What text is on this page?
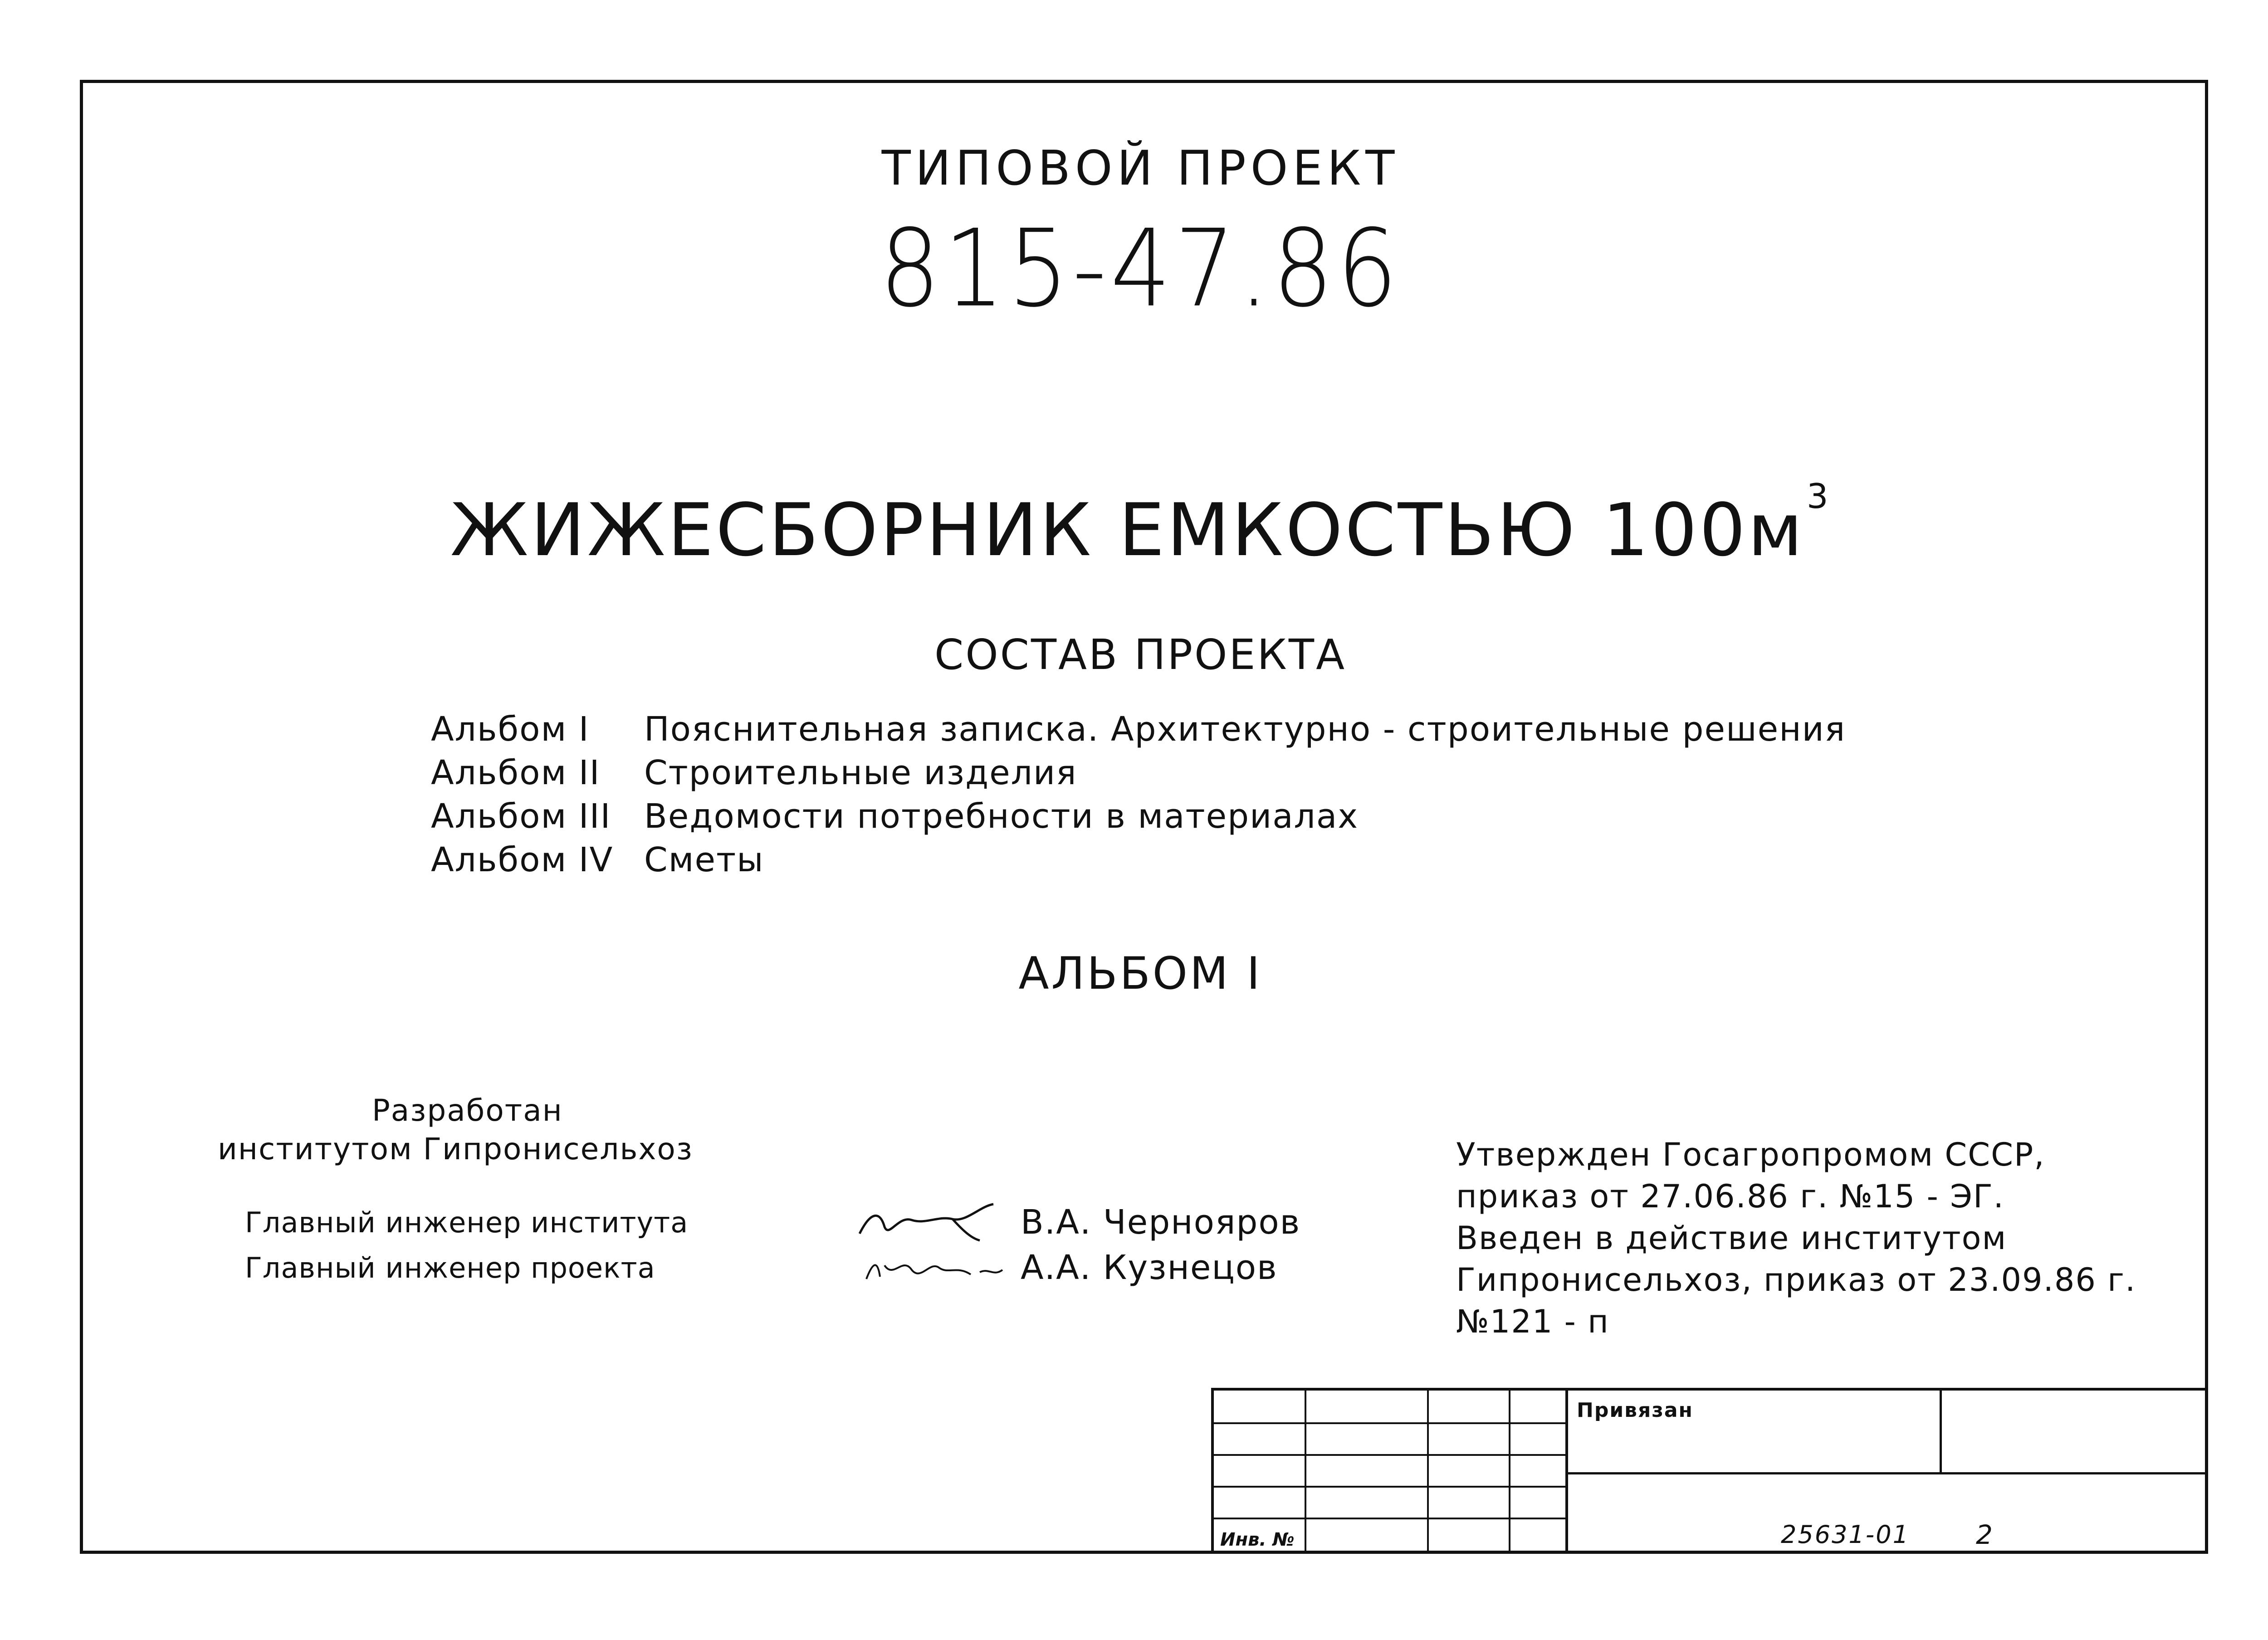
ТИПОВОЙ ПРОЕКТ
815-47.86
ЖИЖЕСБОРНИК ЕМКОСТЬЮ $100м^3$
СОСТАВ ПРОЕКТА
Альбом I	Пояснительная записка. Архитектурно - строительные решения
Альбом II	Строительные изделия
Альбом III Ведомости потребности в материалах
Альбом IV Сметы
АЛЬБОМ I
Разработан
институтом Гипронисельхоз
Главный инженер института	В.А. Чернояров
Главный инженер проекта	А.А. Кузнецов
Утвержден Госагропромом СССР,
приказ от 27.06.86 г. №15 - ЭГ.
Введен в действие институтом
Гипронисельхоз, приказ от 23.09.86 г.
№121 - п
Привязан
Инв. №	25631-01	2
